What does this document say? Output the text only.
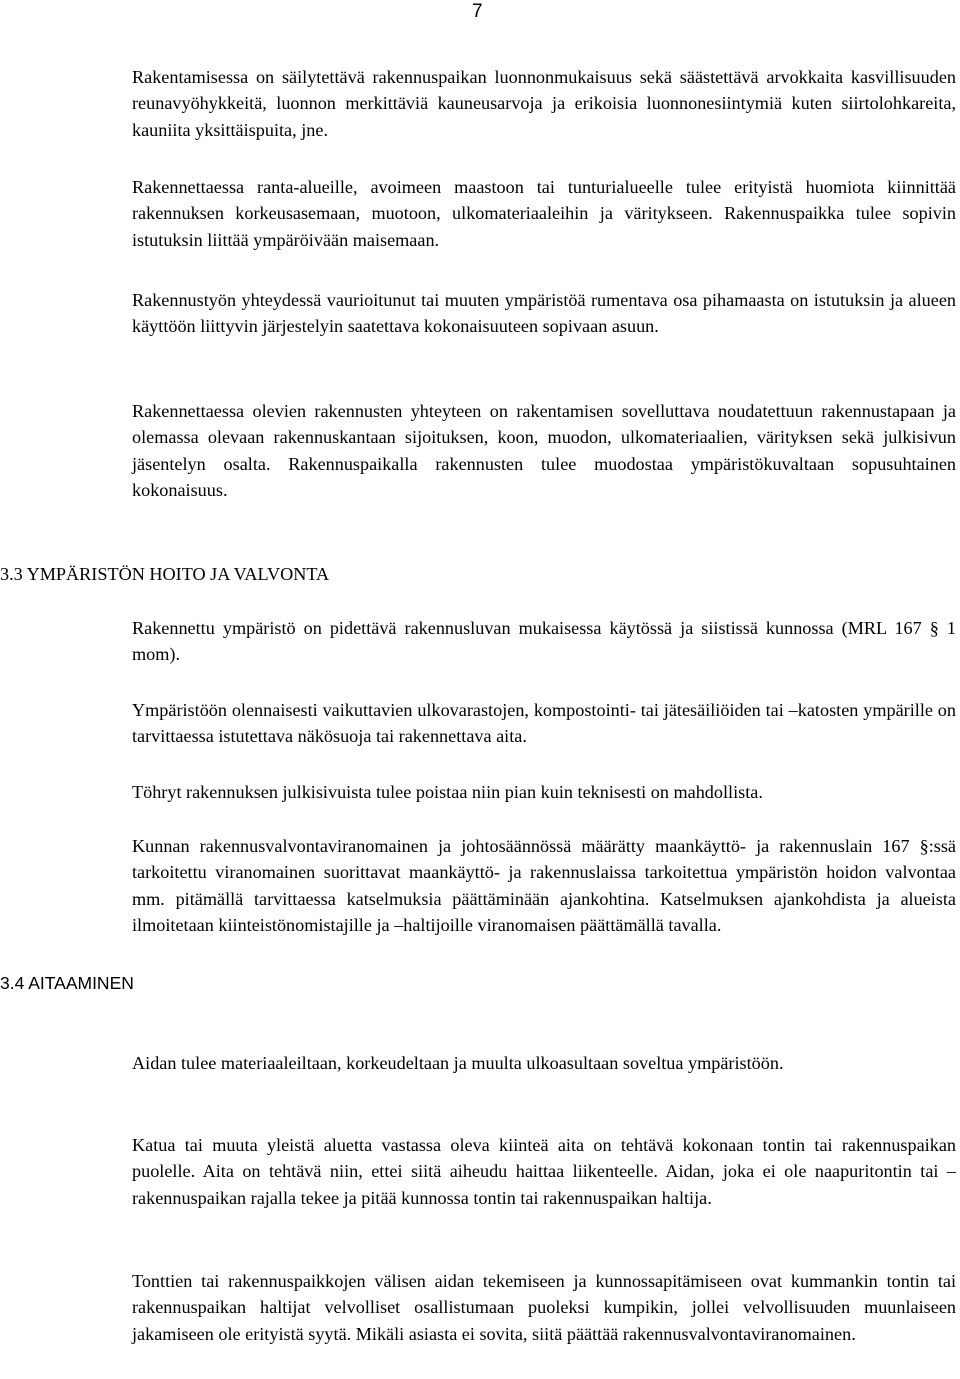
7

Rakentamisessa on säilytettävä rakennuspaikan luonnonmukaisuus sekä säästettävä arvokkaita kasvillisuuden reunavyöhykkeitä, luonnon merkittäviä kauneusarvoja ja erikoisia luonnonesiintymiä kuten siirtolohkareita, kauniita yksittäispuita, jne.

Rakennettaessa ranta-alueille, avoimeen maastoon tai tunturialueelle tulee erityistä huomiota kiinnittää rakennuksen korkeusasemaan, muotoon, ulkomateriaaleihin ja väritykseen. Rakennuspaikka tulee sopivin istutuksin liittää ympäröivään maisemaan.

Rakennustyön yhteydessä vaurioitunut tai muuten ympäristöä rumentava osa pihamaasta on istutuksin ja alueen käyttöön liittyvin järjestelyin saatettava kokonaisuuteen sopivaan asuun.

Rakennettaessa olevien rakennusten yhteyteen on rakentamisen sovelluttava noudatettuun rakennustapaan ja olemassa olevaan rakennuskantaan sijoituksen, koon, muodon, ulkomateriaalien, värityksen sekä julkisivun jäsentelyn osalta. Rakennuspaikalla rakennusten tulee muodostaa ympäristökuvaltaan sopusuhtainen kokonaisuus.

3.3 YMPÄRISTÖN HOITO JA VALVONTA

Rakennettu ympäristö on pidettävä rakennusluvan mukaisessa käytössä ja siistissä kunnossa (MRL 167 § 1 mom).

Ympäristöön olennaisesti vaikuttavien ulkovarastojen, kompostointi- tai jätesäiliöiden tai –katosten ympärille on tarvittaessa istutettava näkösuoja tai rakennettava aita.

Töhryt rakennuksen julkisivuista tulee poistaa niin pian kuin teknisesti on mahdollista.

Kunnan rakennusvalvontaviranomainen ja johtosäännössä määrätty maankäyttö- ja rakennuslain 167 §:ssä tarkoitettu viranomainen suorittavat maankäyttö- ja rakennuslaissa tarkoitettua ympäristön hoidon valvontaa mm. pitämällä tarvittaessa katselmuksia päättäminään ajankohtina. Katselmuksen ajankohdista ja alueista ilmoitetaan kiinteistönomistajille ja –haltijoille viranomaisen päättämällä tavalla.

3.4 AITAAMINEN

Aidan tulee materiaaleiltaan, korkeudeltaan ja muulta ulkoasultaan soveltua ympäristöön.

Katua tai muuta yleistä aluetta vastassa oleva kiinteä aita on tehtävä kokonaan tontin tai rakennuspaikan puolelle. Aita on tehtävä niin, ettei siitä aiheudu haittaa liikenteelle. Aidan, joka ei ole naapuritontin tai –rakennuspaikan rajalla tekee ja pitää kunnossa tontin tai rakennuspaikan haltija.

Tonttien tai rakennuspaikkojen välisen aidan tekemiseen ja kunnossapitämiseen ovat kummankin tontin tai rakennuspaikan haltijat velvolliset osallistumaan puoleksi kumpikin, jollei velvollisuuden muunlaiseen jakamiseen ole erityistä syytä. Mikäli asiasta ei sovita, siitä päättää rakennusvalvontaviranomainen.
